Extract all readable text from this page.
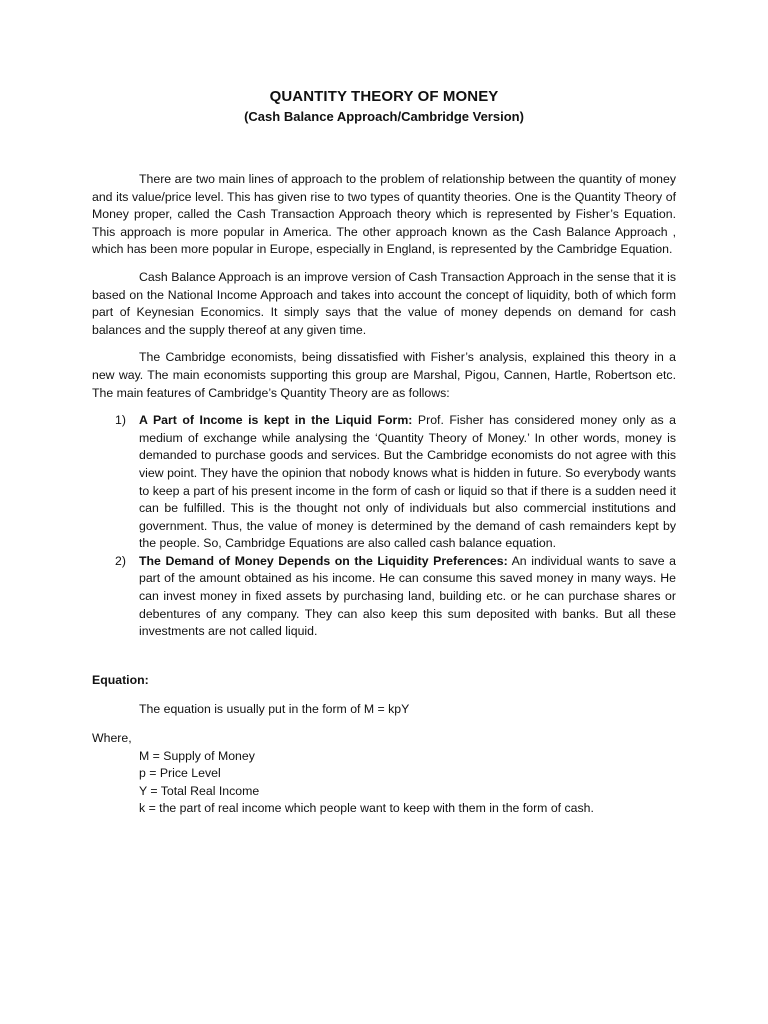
QUANTITY THEORY OF MONEY
(Cash Balance Approach/Cambridge Version)

There are two main lines of approach to the problem of relationship between the quantity of money and its value/price level. This has given rise to two types of quantity theories. One is the Quantity Theory of Money proper, called the Cash Transaction Approach theory which is represented by Fisher’s Equation. This approach is more popular in America. The other approach known as the Cash Balance Approach , which has been more popular in Europe, especially in England, is represented by the Cambridge Equation.

Cash Balance Approach is an improve version of Cash Transaction Approach in the sense that it is based on the National Income Approach and takes into account the concept of liquidity, both of which form part of Keynesian Economics. It simply says that the value of money depends on demand for cash balances and the supply thereof at any given time.

The Cambridge economists, being dissatisfied with Fisher’s analysis, explained this theory in a new way. The main economists supporting this group are Marshal, Pigou, Cannen, Hartle, Robertson etc. The main features of Cambridge’s Quantity Theory are as follows:

1) A Part of Income is kept in the Liquid Form: Prof. Fisher has considered money only as a medium of exchange while analysing the ‘Quantity Theory of Money.’ In other words, money is demanded to purchase goods and services. But the Cambridge economists do not agree with this view point. They have the opinion that nobody knows what is hidden in future. So everybody wants to keep a part of his present income in the form of cash or liquid so that if there is a sudden need it can be fulfilled. This is the thought not only of individuals but also commercial institutions and government. Thus, the value of money is determined by the demand of cash remainders kept by the people. So, Cambridge Equations are also called cash balance equation.
2) The Demand of Money Depends on the Liquidity Preferences: An individual wants to save a part of the amount obtained as his income. He can consume this saved money in many ways. He can invest money in fixed assets by purchasing land, building etc. or he can purchase shares or debentures of any company. They can also keep this sum deposited with banks. But all these investments are not called liquid.
Equation:
The equation is usually put in the form of M = kpY
Where,
M = Supply of Money
p = Price Level
Y = Total Real Income
k = the part of real income which people want to keep with them in the form of cash.
